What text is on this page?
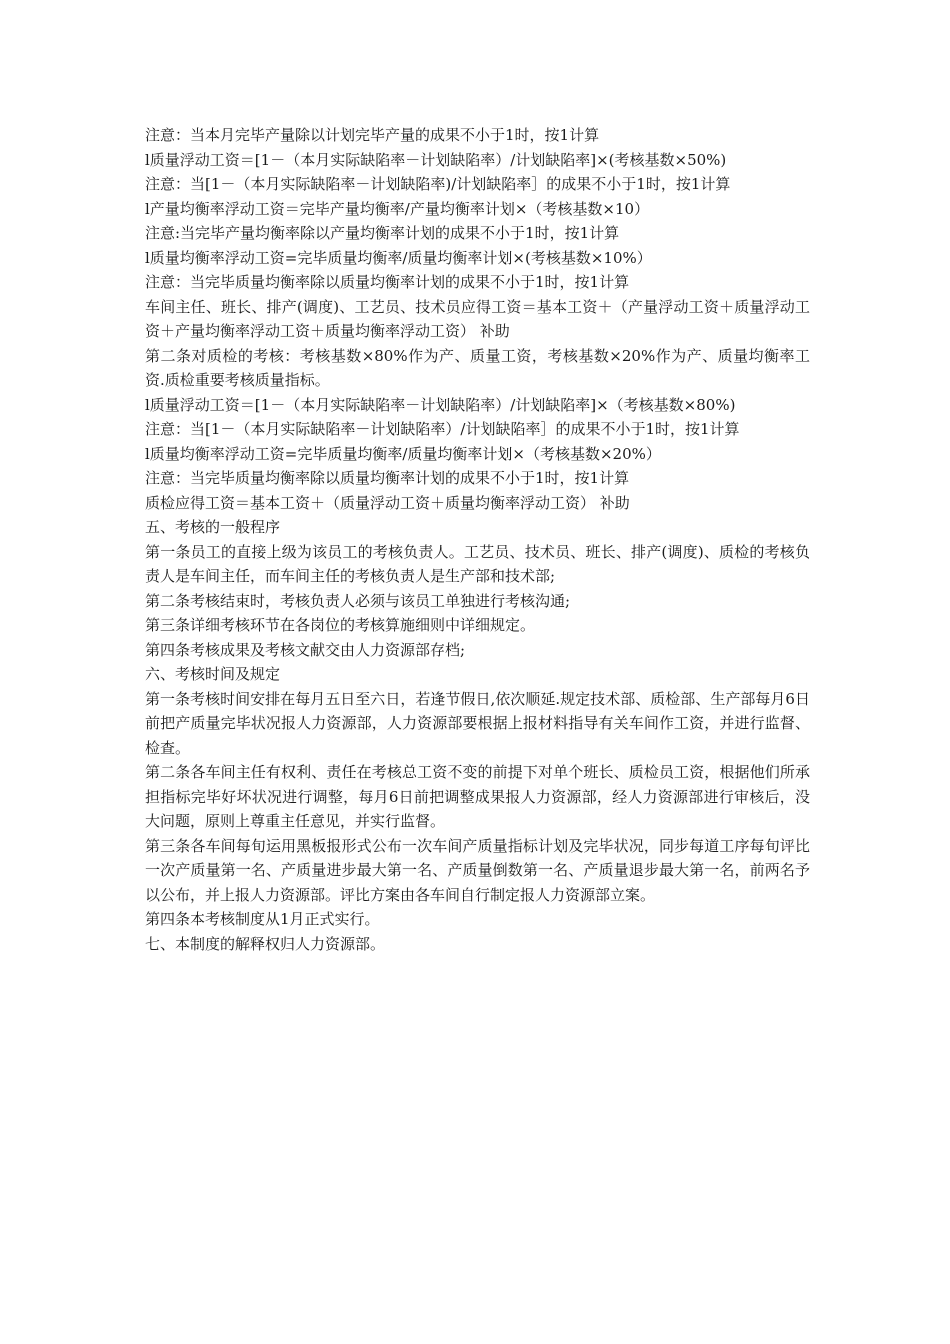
注意：当本月完毕产量除以计划完毕产量的成果不小于1时，按1计算

l质量浮动工资＝[1－（本月实际缺陷率－计划缺陷率）/计划缺陷率]×(考核基数×50%)

注意：当[1－（本月实际缺陷率－计划缺陷率)/计划缺陷率］的成果不小于1时，按1计算

l产量均衡率浮动工资＝完毕产量均衡率/产量均衡率计划×（考核基数×10）

注意:当完毕产量均衡率除以产量均衡率计划的成果不小于1时，按1计算

l质量均衡率浮动工资=完毕质量均衡率/质量均衡率计划×(考核基数×10%）

注意：当完毕质量均衡率除以质量均衡率计划的成果不小于1时，按1计算

车间主任、班长、排产(调度)、工艺员、技术员应得工资＝基本工资＋（产量浮动工资＋质量浮动工资＋产量均衡率浮动工资＋质量均衡率浮动工资） 补助

第二条对质检的考核：考核基数×80%作为产、质量工资，考核基数×20%作为产、质量均衡率工资.质检重要考核质量指标。

l质量浮动工资＝[1－（本月实际缺陷率－计划缺陷率）/计划缺陷率]×（考核基数×80%)

注意：当[1－（本月实际缺陷率－计划缺陷率）/计划缺陷率］的成果不小于1时，按1计算

l质量均衡率浮动工资=完毕质量均衡率/质量均衡率计划×（考核基数×20%）

注意：当完毕质量均衡率除以质量均衡率计划的成果不小于1时，按1计算

质检应得工资＝基本工资＋（质量浮动工资＋质量均衡率浮动工资） 补助

五、考核的一般程序

第一条员工的直接上级为该员工的考核负责人。工艺员、技术员、班长、排产(调度)、质检的考核负责人是车间主任，而车间主任的考核负责人是生产部和技术部;

第二条考核结束时，考核负责人必须与该员工单独进行考核沟通;

第三条详细考核环节在各岗位的考核算施细则中详细规定。

第四条考核成果及考核文献交由人力资源部存档;

六、考核时间及规定

第一条考核时间安排在每月五日至六日，若逢节假日,依次顺延.规定技术部、质检部、生产部每月6日前把产质量完毕状况报人力资源部，人力资源部要根据上报材料指导有关车间作工资，并进行监督、检查。

第二条各车间主任有权利、责任在考核总工资不变的前提下对单个班长、质检员工资，根据他们所承担指标完毕好坏状况进行调整，每月6日前把调整成果报人力资源部，经人力资源部进行审核后，没大问题，原则上尊重主任意见，并实行监督。

第三条各车间每旬运用黑板报形式公布一次车间产质量指标计划及完毕状况，同步每道工序每旬评比一次产质量第一名、产质量进步最大第一名、产质量倒数第一名、产质量退步最大第一名，前两名予以公布，并上报人力资源部。评比方案由各车间自行制定报人力资源部立案。

第四条本考核制度从1月正式实行。

七、本制度的解释权归人力资源部。
